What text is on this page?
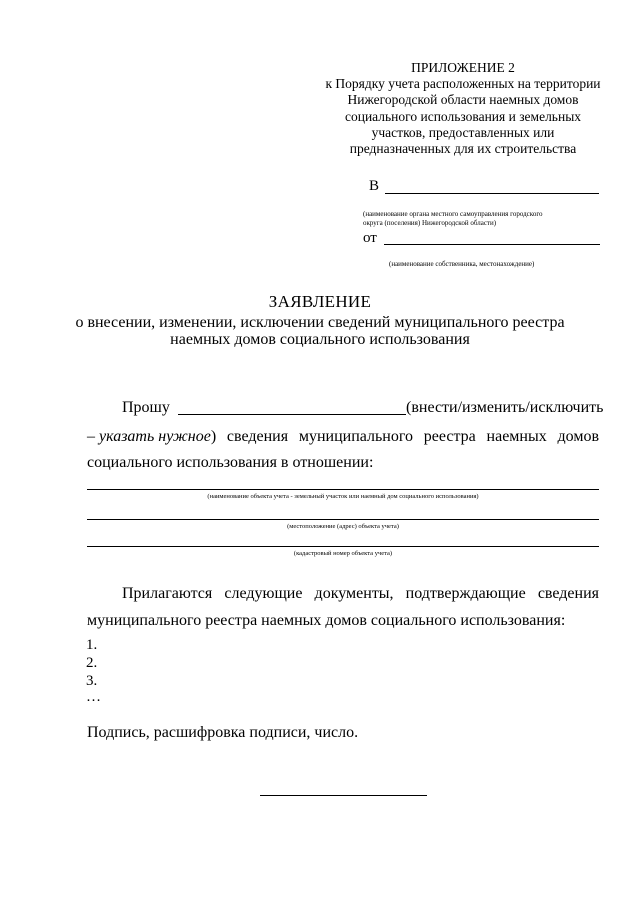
ПРИЛОЖЕНИЕ 2
к Порядку учета расположенных на территории
Нижегородской области наемных домов
социального использования и земельных
участков, предоставленных или
предназначенных для их строительства
В
(наименование органа местного самоуправления городского
округа (поселения) Нижегородской области)
от
(наименование собственника, местонахождение)
ЗАЯВЛЕНИЕ
о внесении, изменении, исключении сведений муниципального реестра
наемных домов социального использования
Прошу	(внести/изменить/исключить
– указать нужное) сведения муниципального реестра наемных домов
социального использования в отношении:
(наименование объекта учета - земельный участок или наемный дом социального использования)
(местоположение (адрес) объекта учета)
(кадастровый номер объекта учета)
Прилагаются следующие документы, подтверждающие сведения
муниципального реестра наемных домов социального использования:
1.
2.
3.
…
Подпись, расшифровка подписи, число.
